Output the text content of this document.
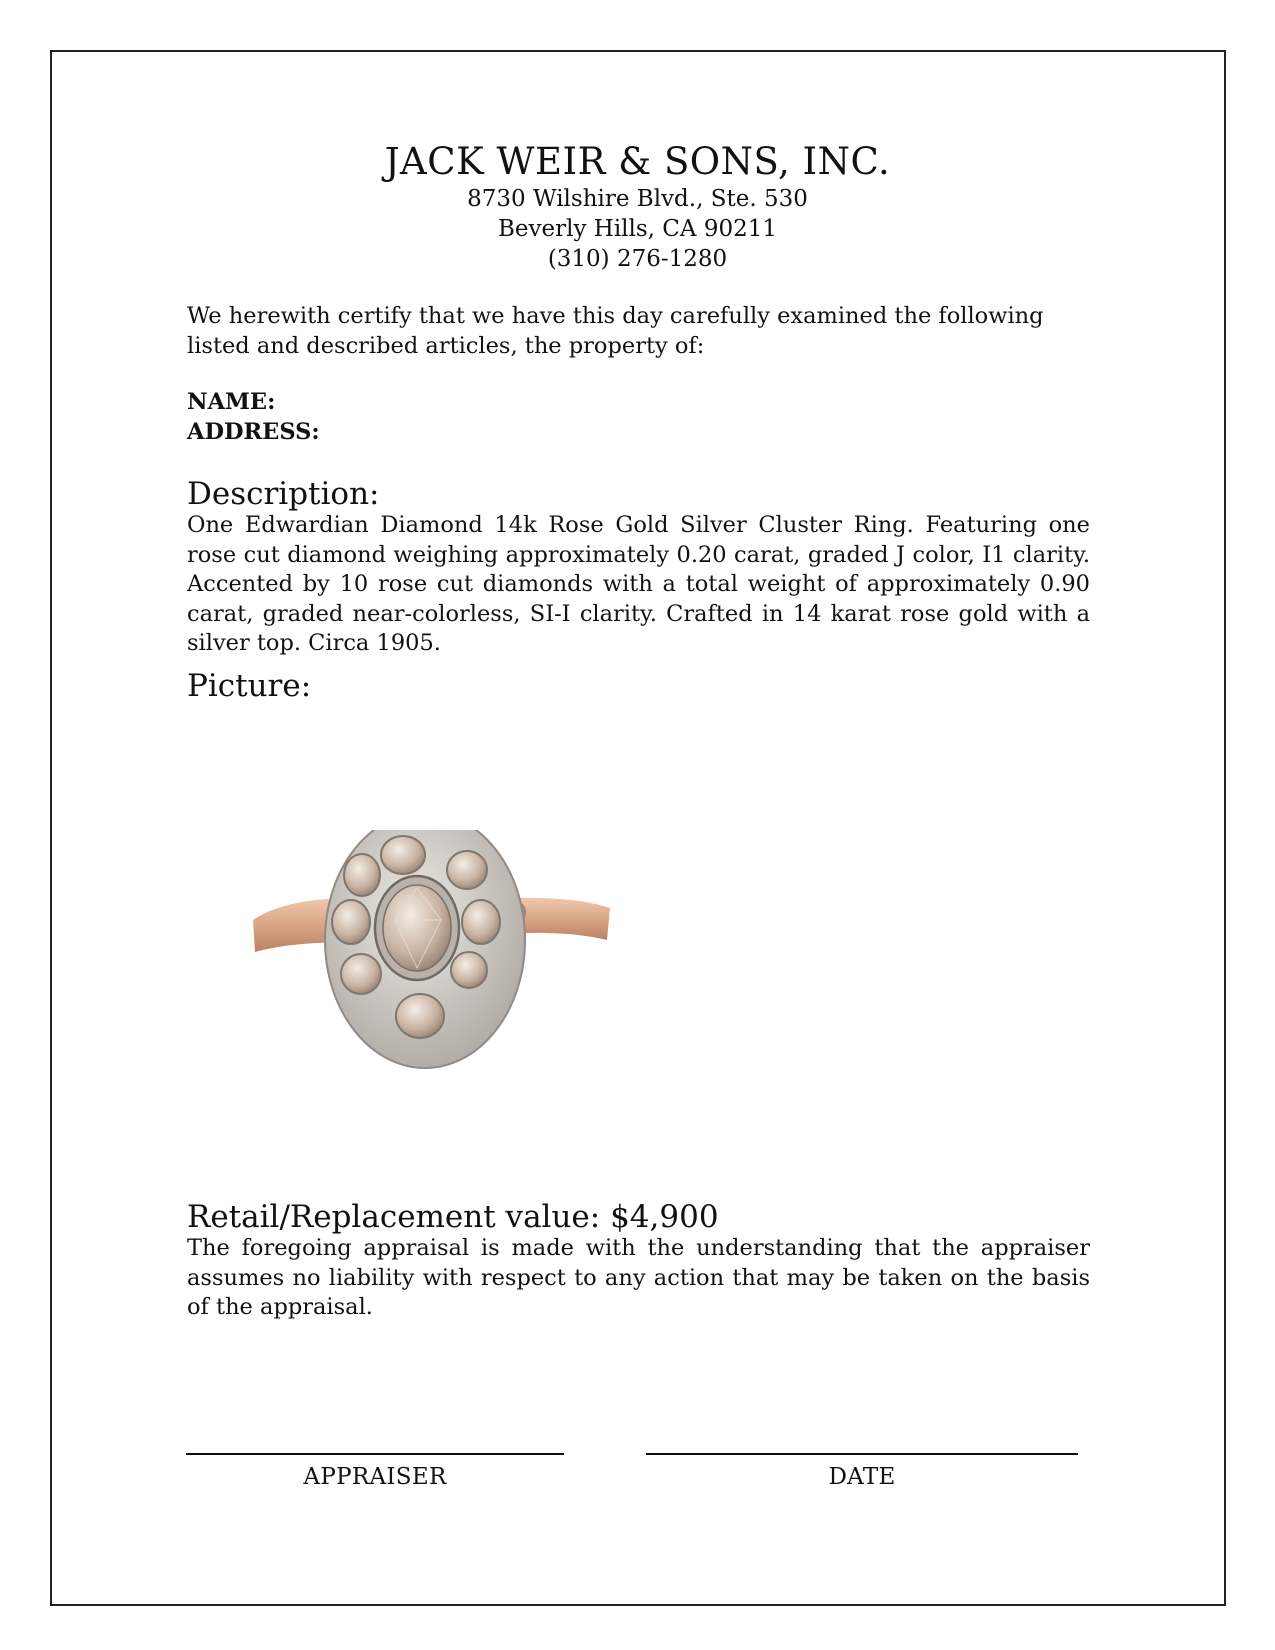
JACK WEIR & SONS, INC.
8730 Wilshire Blvd., Ste. 530
Beverly Hills, CA 90211
(310) 276-1280
We herewith certify that we have this day carefully examined the following listed and described articles, the property of:
NAME:
ADDRESS:
Description:
One Edwardian Diamond 14k Rose Gold Silver Cluster Ring. Featuring one rose cut diamond weighing approximately 0.20 carat, graded J color, I1 clarity. Accented by 10 rose cut diamonds with a total weight of approximately 0.90 carat, graded near-colorless, SI-I clarity. Crafted in 14 karat rose gold with a silver top. Circa 1905.
Picture:
Retail/Replacement value: $4,900
The foregoing appraisal is made with the understanding that the appraiser assumes no liability with respect to any action that may be taken on the basis of the appraisal.
APPRAISER	DATE
